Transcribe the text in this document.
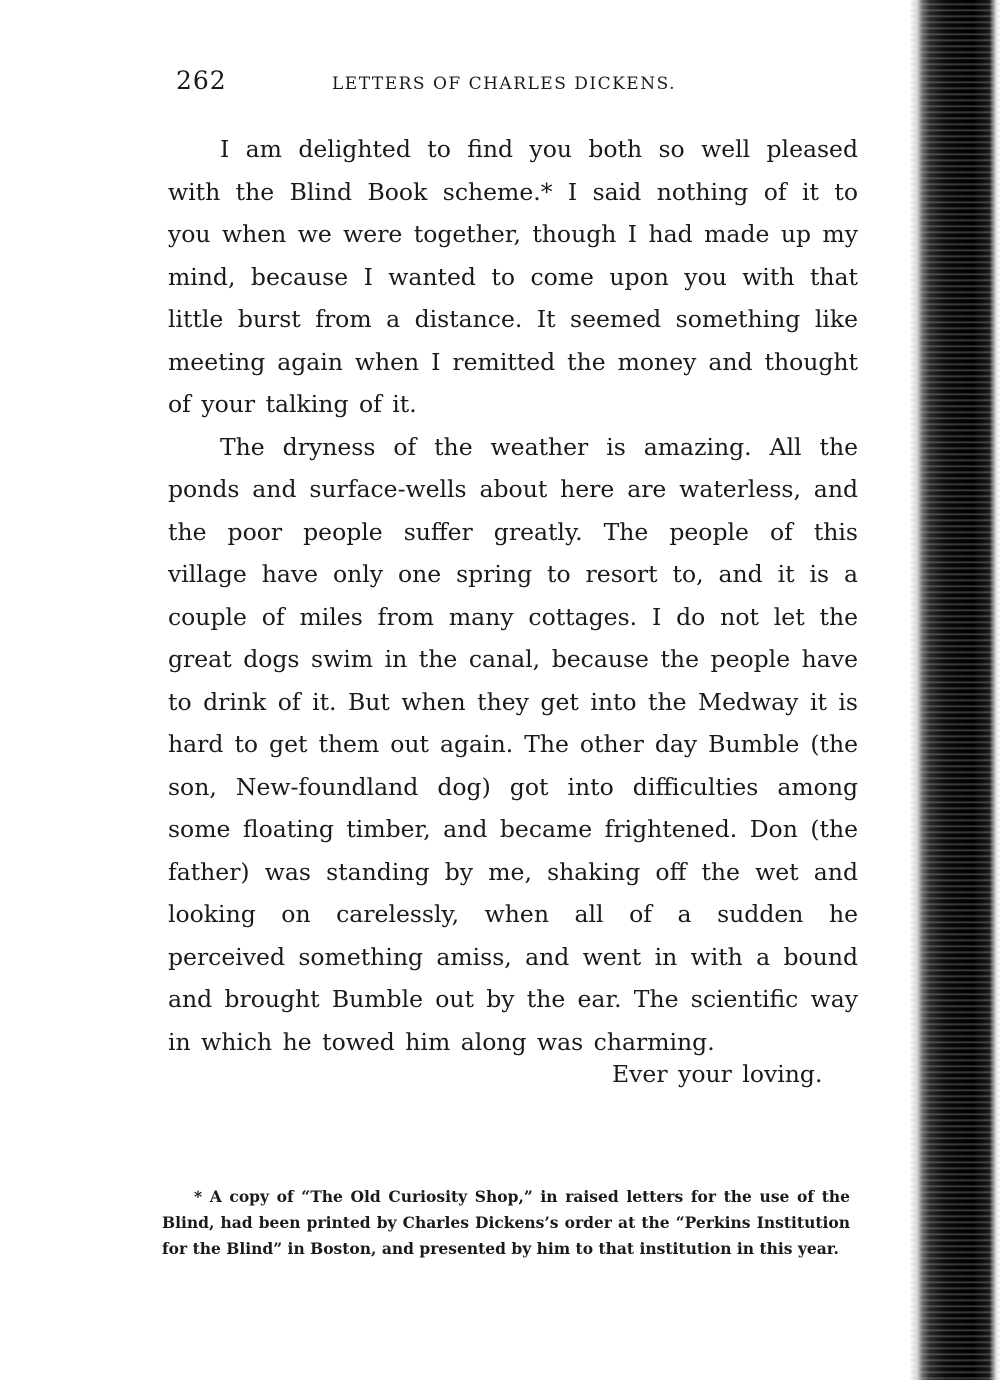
262	LETTERS OF CHARLES DICKENS.

I am delighted to find you both so well pleased with the Blind Book scheme.* I said nothing of it to you when we were together, though I had made up my mind, because I wanted to come upon you with that little burst from a distance. It seemed something like meeting again when I remitted the money and thought of your talking of it.

The dryness of the weather is amazing. All the ponds and surface-wells about here are waterless, and the poor people suffer greatly. The people of this village have only one spring to resort to, and it is a couple of miles from many cottages. I do not let the great dogs swim in the canal, because the people have to drink of it. But when they get into the Medway it is hard to get them out again. The other day Bumble (the son, New-foundland dog) got into difficulties among some floating timber, and became frightened. Don (the father) was standing by me, shaking off the wet and looking on carelessly, when all of a sudden he perceived something amiss, and went in with a bound and brought Bumble out by the ear. The scientific way in which he towed him along was charming.

Ever your loving.
* A copy of “The Old Curiosity Shop,” in raised letters for the use of the Blind, had been printed by Charles Dickens’s order at the “Perkins Institution for the Blind” in Boston, and presented by him to that institution in this year.
